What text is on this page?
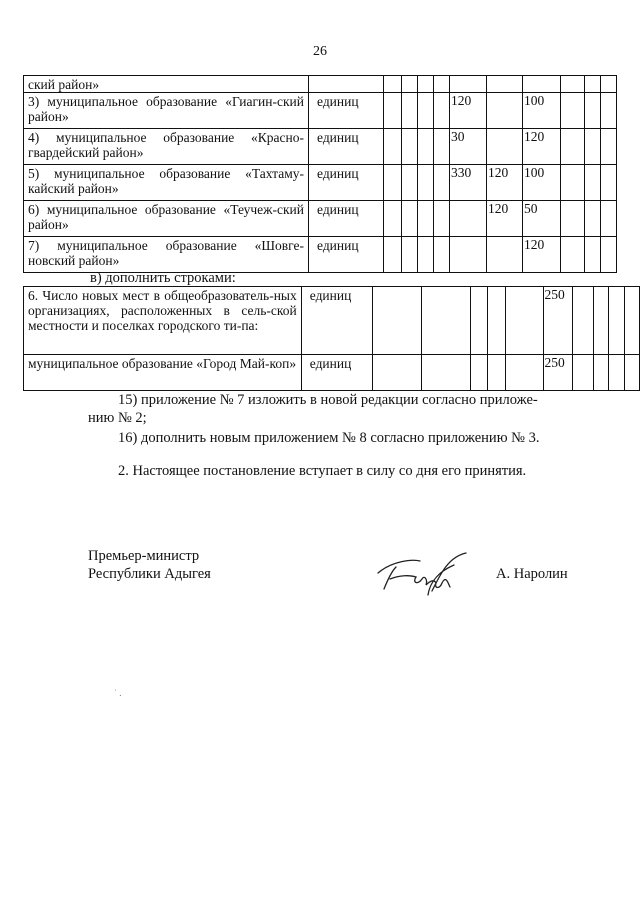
26
ский район»											
3) муниципальное образование «Гиагин-ский район»	единиц					120		100			
4) муниципальное образование «Красно-гвардейский район»	единиц					30		120			
5) муниципальное образование «Тахтаму-кайский район»	единиц					330	120	100			
6) муниципальное образование «Теучеж-ский район»	единиц						120	50			
7) муниципальное образование «Шовге-новский район»	единиц							120			
в) дополнить строками:
6. Число новых мест в общеобразователь-ных организациях, расположенных в сель-ской местности и поселках городского ти-па:	единиц						250				
муниципальное образование «Город Май-коп»	единиц						250				
15) приложение № 7 изложить в новой редакции согласно приложе-
нию № 2;
16) дополнить новым приложением № 8 согласно приложению № 3.
2. Настоящее постановление вступает в силу со дня его принятия.
Премьер-министр
Республики Адыгея	А. Наролин
˙ .
